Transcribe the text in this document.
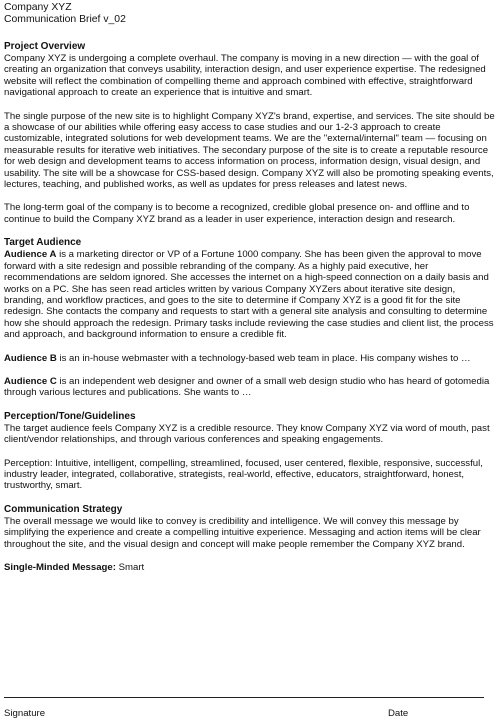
Company XYZ
Communication Brief v_02
Project Overview

Company XYZ is undergoing a complete overhaul. The company is moving in a new direction — with the goal of creating an organization that conveys usability, interaction design, and user experience expertise. The redesigned website will reflect the combination of compelling theme and approach combined with effective, straightforward navigational approach to create an experience that is intuitive and smart.

The single purpose of the new site is to highlight Company XYZ's brand, expertise, and services. The site should be a showcase of our abilities while offering easy access to case studies and our 1-2-3 approach to create customizable, integrated solutions for web development teams. We are the "external/internal" team — focusing on measurable results for iterative web initiatives. The secondary purpose of the site is to create a reputable resource for web design and development teams to access information on process, information design, visual design, and usability. The site will be a showcase for CSS-based design. Company XYZ will also be promoting speaking events, lectures, teaching, and published works, as well as updates for press releases and latest news.

The long-term goal of the company is to become a recognized, credible global presence on- and offline and to continue to build the Company XYZ brand as a leader in user experience, interaction design and research.

Target Audience

Audience A is a marketing director or VP of a Fortune 1000 company. She has been given the approval to move forward with a site redesign and possible rebranding of the company. As a highly paid executive, her recommendations are seldom ignored. She accesses the internet on a high-speed connection on a daily basis and works on a PC. She has seen read articles written by various Company XYZers about iterative site design, branding, and workflow practices, and goes to the site to determine if Company XYZ is a good fit for the site redesign. She contacts the company and requests to start with a general site analysis and consulting to determine how she should approach the redesign. Primary tasks include reviewing the case studies and client list, the process and approach, and background information to ensure a credible fit.

Audience B is an in-house webmaster with a technology-based web team in place. His company wishes to …

Audience C is an independent web designer and owner of a small web design studio who has heard of gotomedia through various lectures and publications. She wants to …

Perception/Tone/Guidelines

The target audience feels Company XYZ is a credible resource. They know Company XYZ via word of mouth, past client/vendor relationships, and through various conferences and speaking engagements.

Perception: Intuitive, intelligent, compelling, streamlined, focused, user centered, flexible, responsive, successful, industry leader, integrated, collaborative, strategists, real-world, effective, educators, straightforward, honest, trustworthy, smart.

Communication Strategy

The overall message we would like to convey is credibility and intelligence. We will convey this message by simplifying the experience and create a compelling intuitive experience. Messaging and action items will be clear throughout the site, and the visual design and concept will make people remember the Company XYZ brand.

Single-Minded Message: Smart

Signature	Date
